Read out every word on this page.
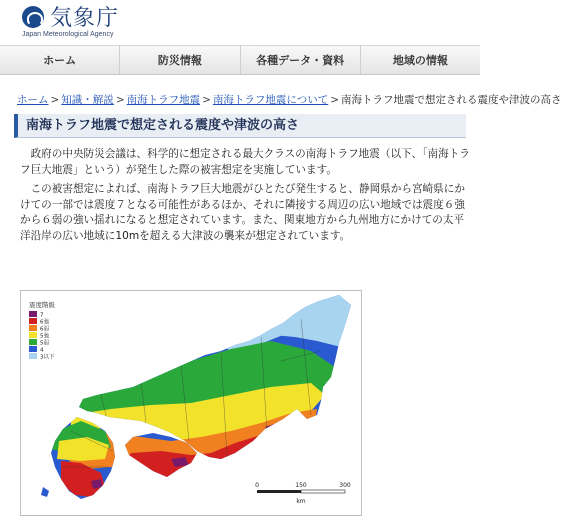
気象庁
Japan Meteorological Agency
ホーム	防災情報	各種データ・資料	地域の情報
ホーム > 知識・解説 > 南海トラフ地震 > 南海トラフ地震について > 南海トラフ地震で想定される震度や津波の高さ
南海トラフ地震で想定される震度や津波の高さ

　政府の中央防災会議は、科学的に想定される最大クラスの南海トラフ地震（以下、「南海トラフ巨大地震」という）が発生した際の被害想定を実施しています。

　この被害想定によれば、南海トラフ巨大地震がひとたび発生すると、静岡県から宮崎県にかけての一部では震度７となる可能性があるほか、それに隣接する周辺の広い地域では震度６強から６弱の強い揺れになると想定されています。また、関東地方から九州地方にかけての太平洋沿岸の広い地域に10mを超える大津波の襲来が想定されています。

震度階級
7
6強
6弱
5強
5弱
4
3以下
0	150	300
km
